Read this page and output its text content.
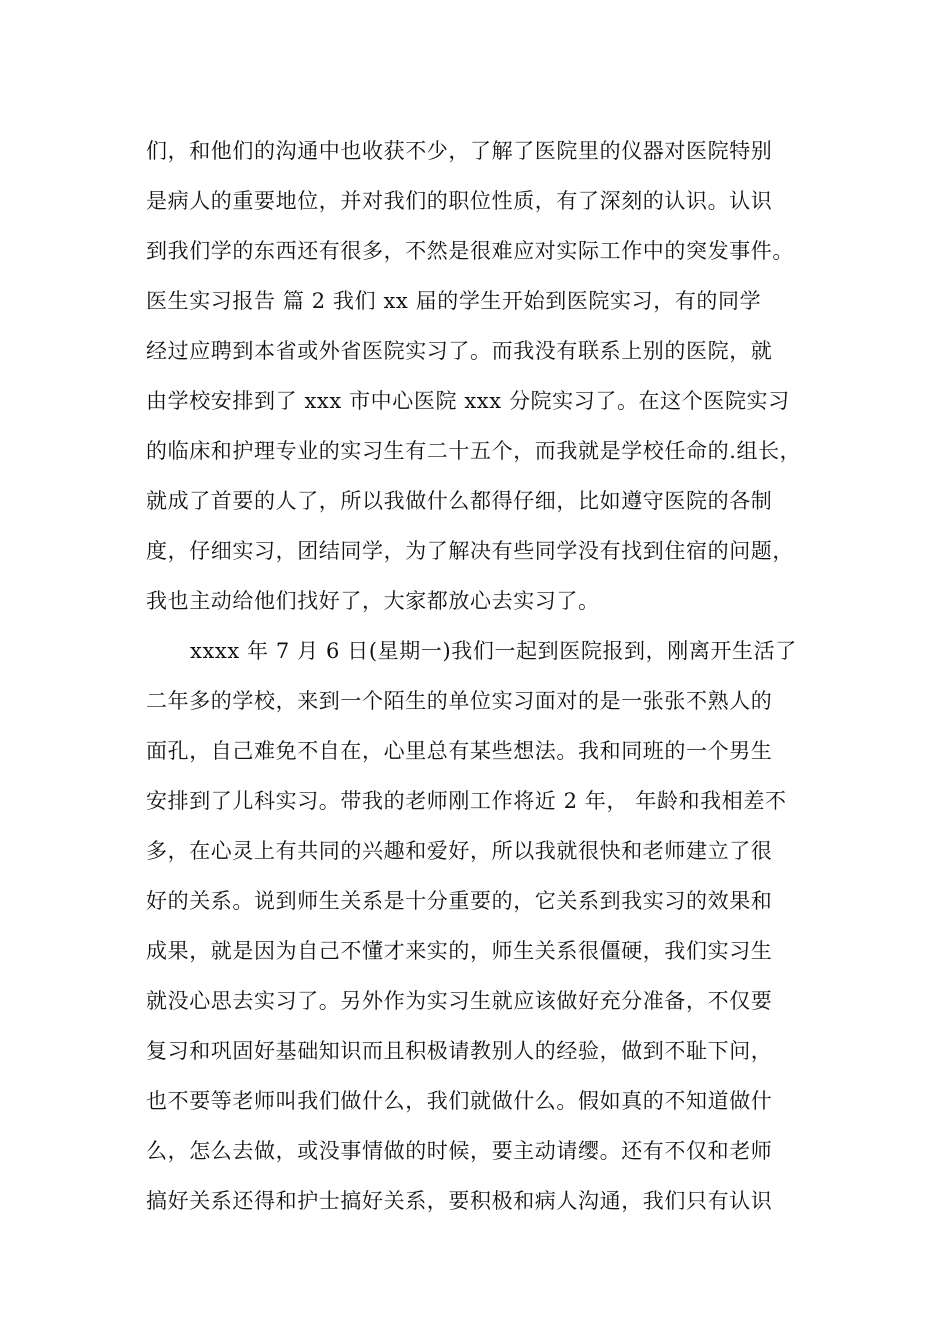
们，和他们的沟通中也收获不少，了解了医院里的仪器对医院特别
是病人的重要地位，并对我们的职位性质，有了深刻的认识。认识
到我们学的东西还有很多，不然是很难应对实际工作中的突发事件。
医生实习报告 篇 2 我们 xx 届的学生开始到医院实习，有的同学
经过应聘到本省或外省医院实习了。而我没有联系上别的医院，就
由学校安排到了 xxx 市中心医院 xxx 分院实习了。在这个医院实习
的临床和护理专业的实习生有二十五个，而我就是学校任命的.组长，
就成了首要的人了，所以我做什么都得仔细，比如遵守医院的各制
度，仔细实习，团结同学，为了解决有些同学没有找到住宿的问题，
我也主动给他们找好了，大家都放心去实习了。
xxxx 年 7 月 6 日(星期一)我们一起到医院报到，刚离开生活了
二年多的学校，来到一个陌生的单位实习面对的是一张张不熟人的
面孔，自己难免不自在，心里总有某些想法。我和同班的一个男生
安排到了儿科实习。带我的老师刚工作将近 2 年， 年龄和我相差不
多，在心灵上有共同的兴趣和爱好，所以我就很快和老师建立了很
好的关系。说到师生关系是十分重要的，它关系到我实习的效果和
成果，就是因为自己不懂才来实的，师生关系很僵硬，我们实习生
就没心思去实习了。另外作为实习生就应该做好充分准备，不仅要
复习和巩固好基础知识而且积极请教别人的经验，做到不耻下问，
也不要等老师叫我们做什么，我们就做什么。假如真的不知道做什
么，怎么去做，或没事情做的时候，要主动请缨。还有不仅和老师
搞好关系还得和护士搞好关系，要积极和病人沟通，我们只有认识
